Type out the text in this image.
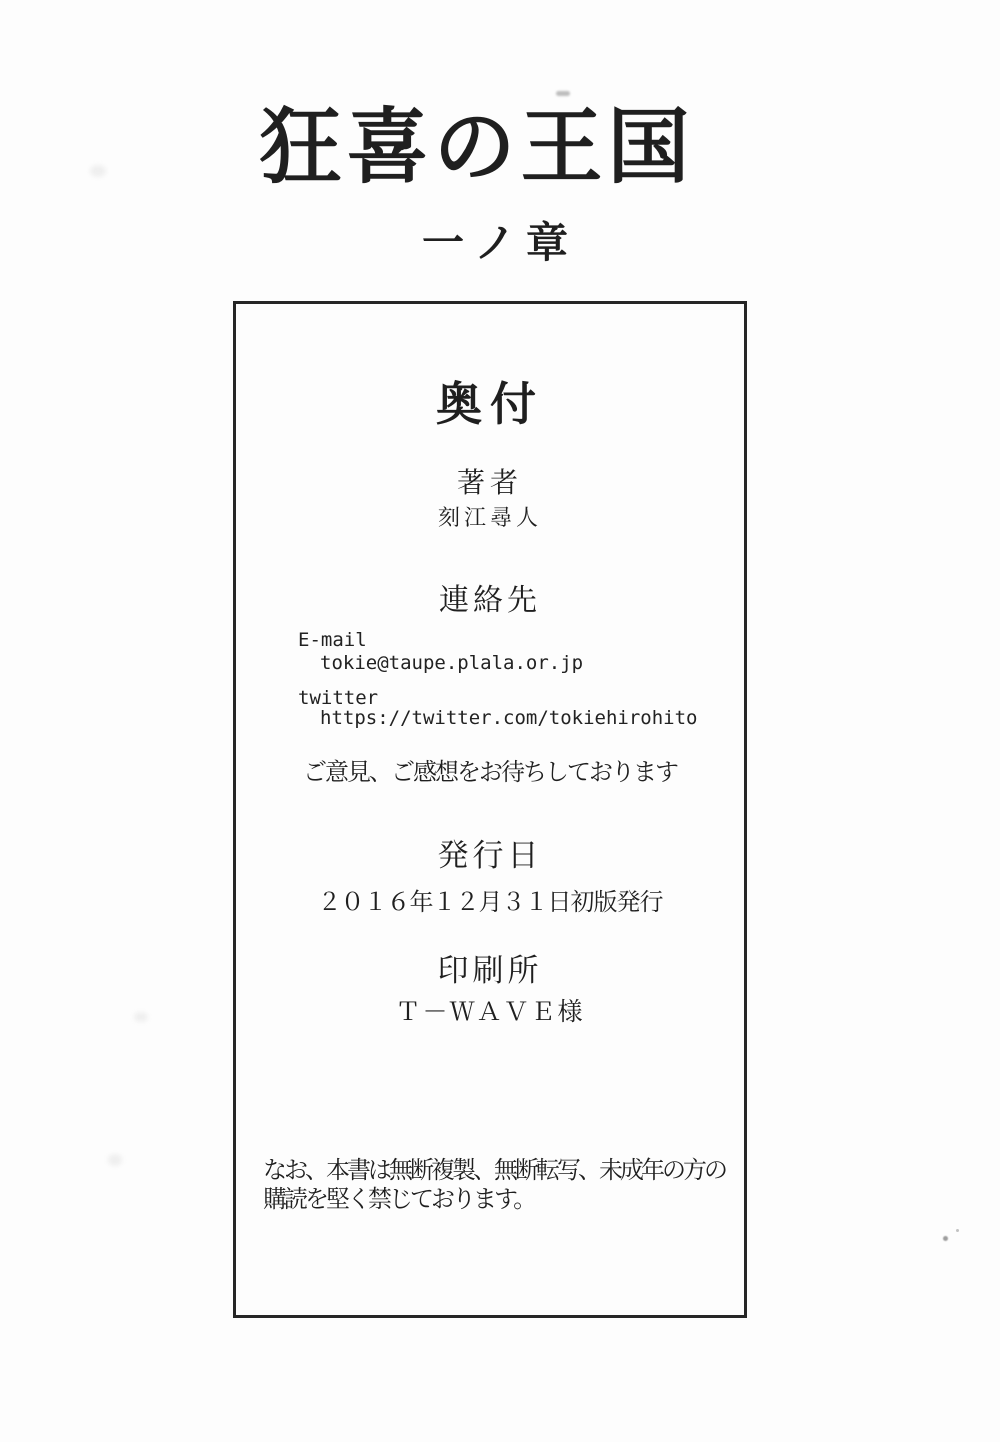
狂喜の王国
一ノ章
奥付
著者
刻江尋人
連絡先
E-mail
tokie@taupe.plala.or.jp
twitter
https://twitter.com/tokiehirohito
ご意見、ご感想をお待ちしております
発行日
２０１６年１２月３１日初版発行
印刷所
Ｔ－ＷＡＶＥ様
なお、本書は無断複製、無断転写、未成年の方の
購読を堅く禁じております。
